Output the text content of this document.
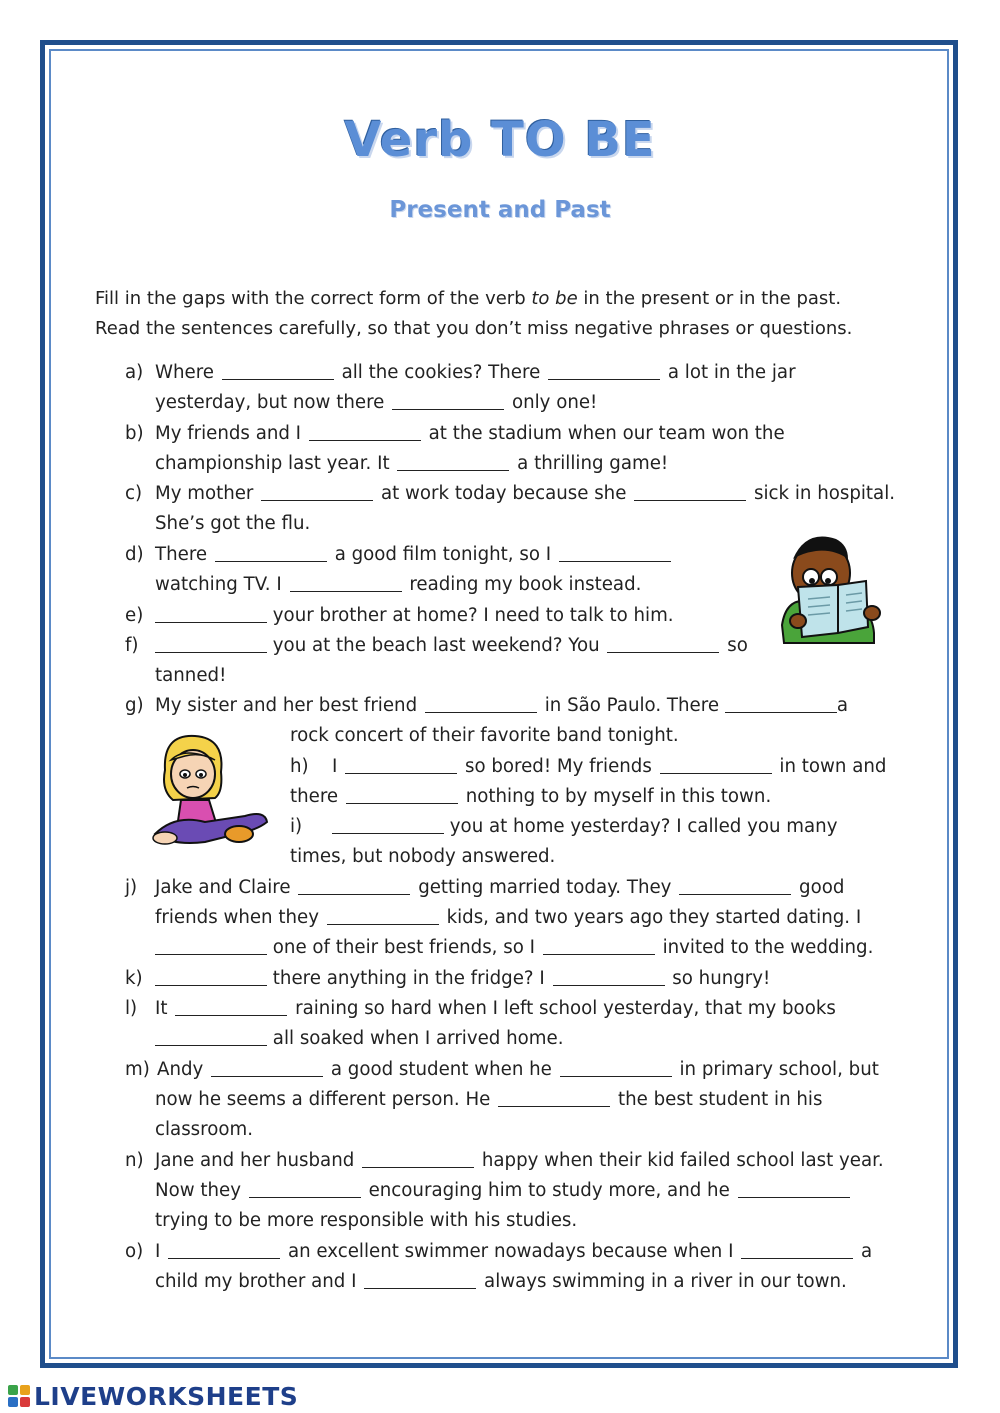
Verb TO BE
Present and Past
Fill in the gaps with the correct form of the verb to be in the present or in the past.
Read the sentences carefully, so that you don’t miss negative phrases or questions.
a) Where	all the cookies? There	a lot in the jar
yesterday, but now there	only one!
b) My friends and I	at the stadium when our team won the
championship last year. It	a thrilling game!
c) My mother	at work today because she	sick in hospital.
She’s got the flu.
d) There	a good film tonight, so I
watching TV. I	reading my book instead.
e)	your brother at home? I need to talk to him.
f)	you at the beach last weekend? You	so
tanned!
g) My sister and her best friend	in São Paulo. There	a
rock concert of their favorite band tonight.
h) I	so bored! My friends	in town and
there	nothing to by myself in this town.
i)	you at home yesterday? I called you many
times, but nobody answered.
j) Jake and Claire	getting married today. They	good
friends when they	kids, and two years ago they started dating. I
one of their best friends, so I	invited to the wedding.
k)	there anything in the fridge? I	so hungry!
l) It	raining so hard when I left school yesterday, that my books
all soaked when I arrived home.
m) Andy	a good student when he	in primary school, but
now he seems a different person. He	the best student in his
classroom.
n) Jane and her husband	happy when their kid failed school last year.
Now they	encouraging him to study more, and he
trying to be more responsible with his studies.
o) I	an excellent swimmer nowadays because when I	a
child my brother and I	always swimming in a river in our town.
LIVEWORKSHEETS
